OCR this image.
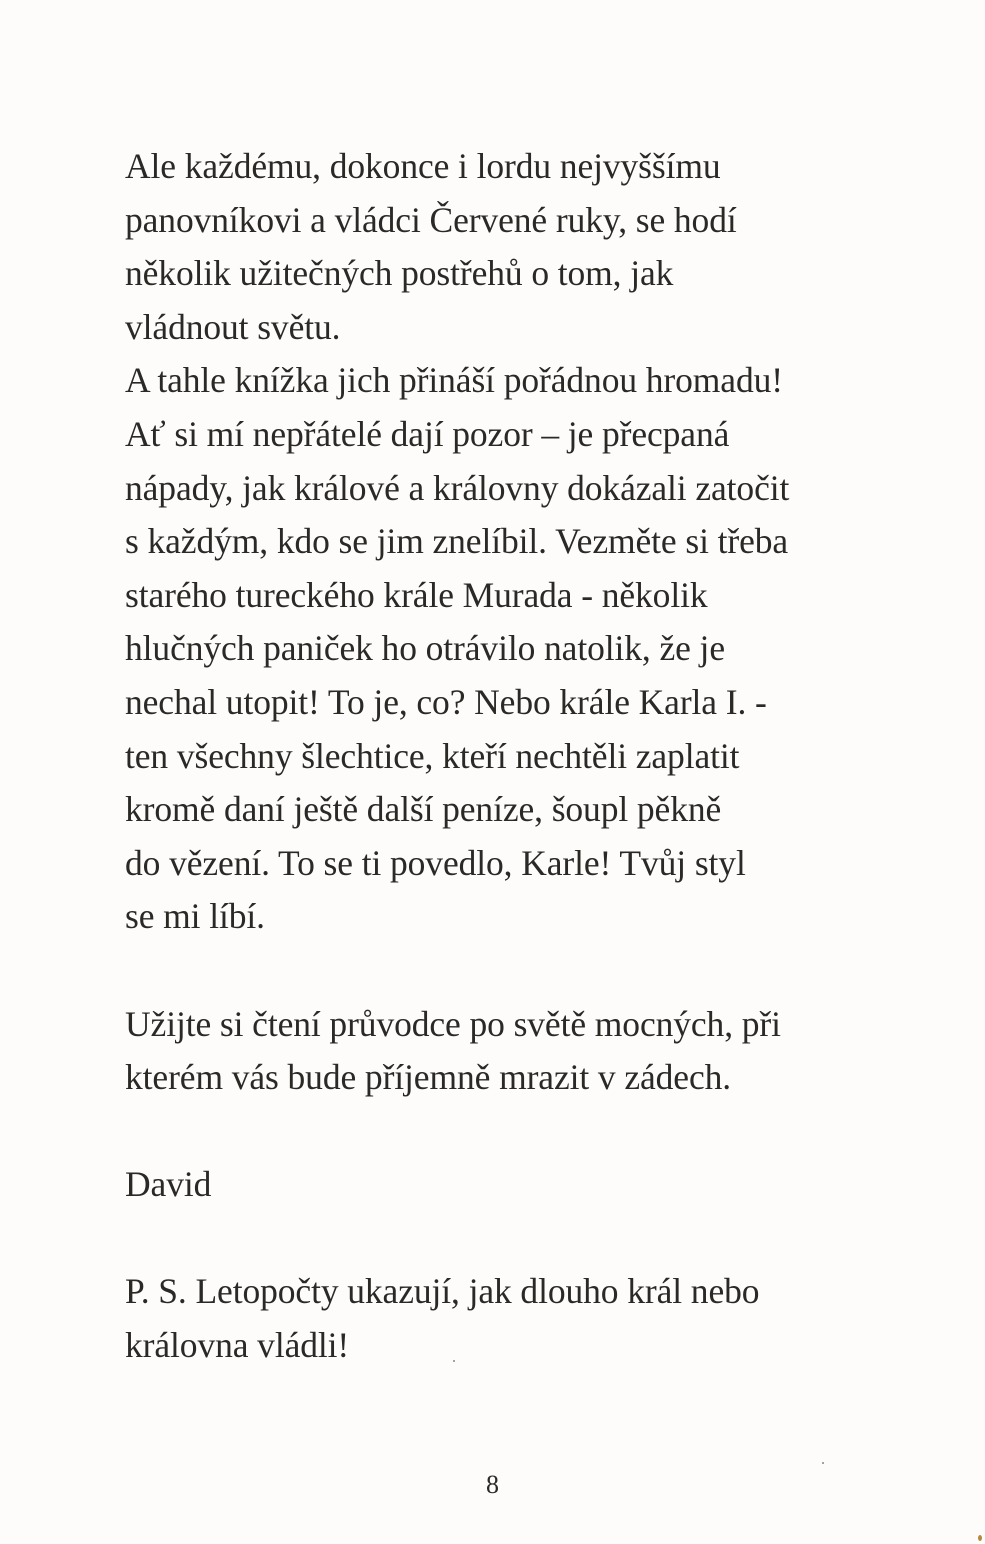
Ale každému, dokonce i lordu nejvyššímu
panovníkovi a vládci Červené ruky, se hodí
několik užitečných postřehů o tom, jak
vládnout světu.
A tahle knížka jich přináší pořádnou hromadu!
Ať si mí nepřátelé dají pozor – je přecpaná
nápady, jak králové a královny dokázali zatočit
s každým, kdo se jim znelíbil. Vezměte si třeba
starého tureckého krále Murada - několik
hlučných paniček ho otrávilo natolik, že je
nechal utopit! To je, co? Nebo krále Karla I. -
ten všechny šlechtice, kteří nechtěli zaplatit
kromě daní ještě další peníze, šoupl pěkně
do vězení. To se ti povedlo, Karle! Tvůj styl
se mi líbí.
Užijte si čtení průvodce po světě mocných, při
kterém vás bude příjemně mrazit v zádech.
David
P. S. Letopočty ukazují, jak dlouho král nebo
královna vládli!
8
